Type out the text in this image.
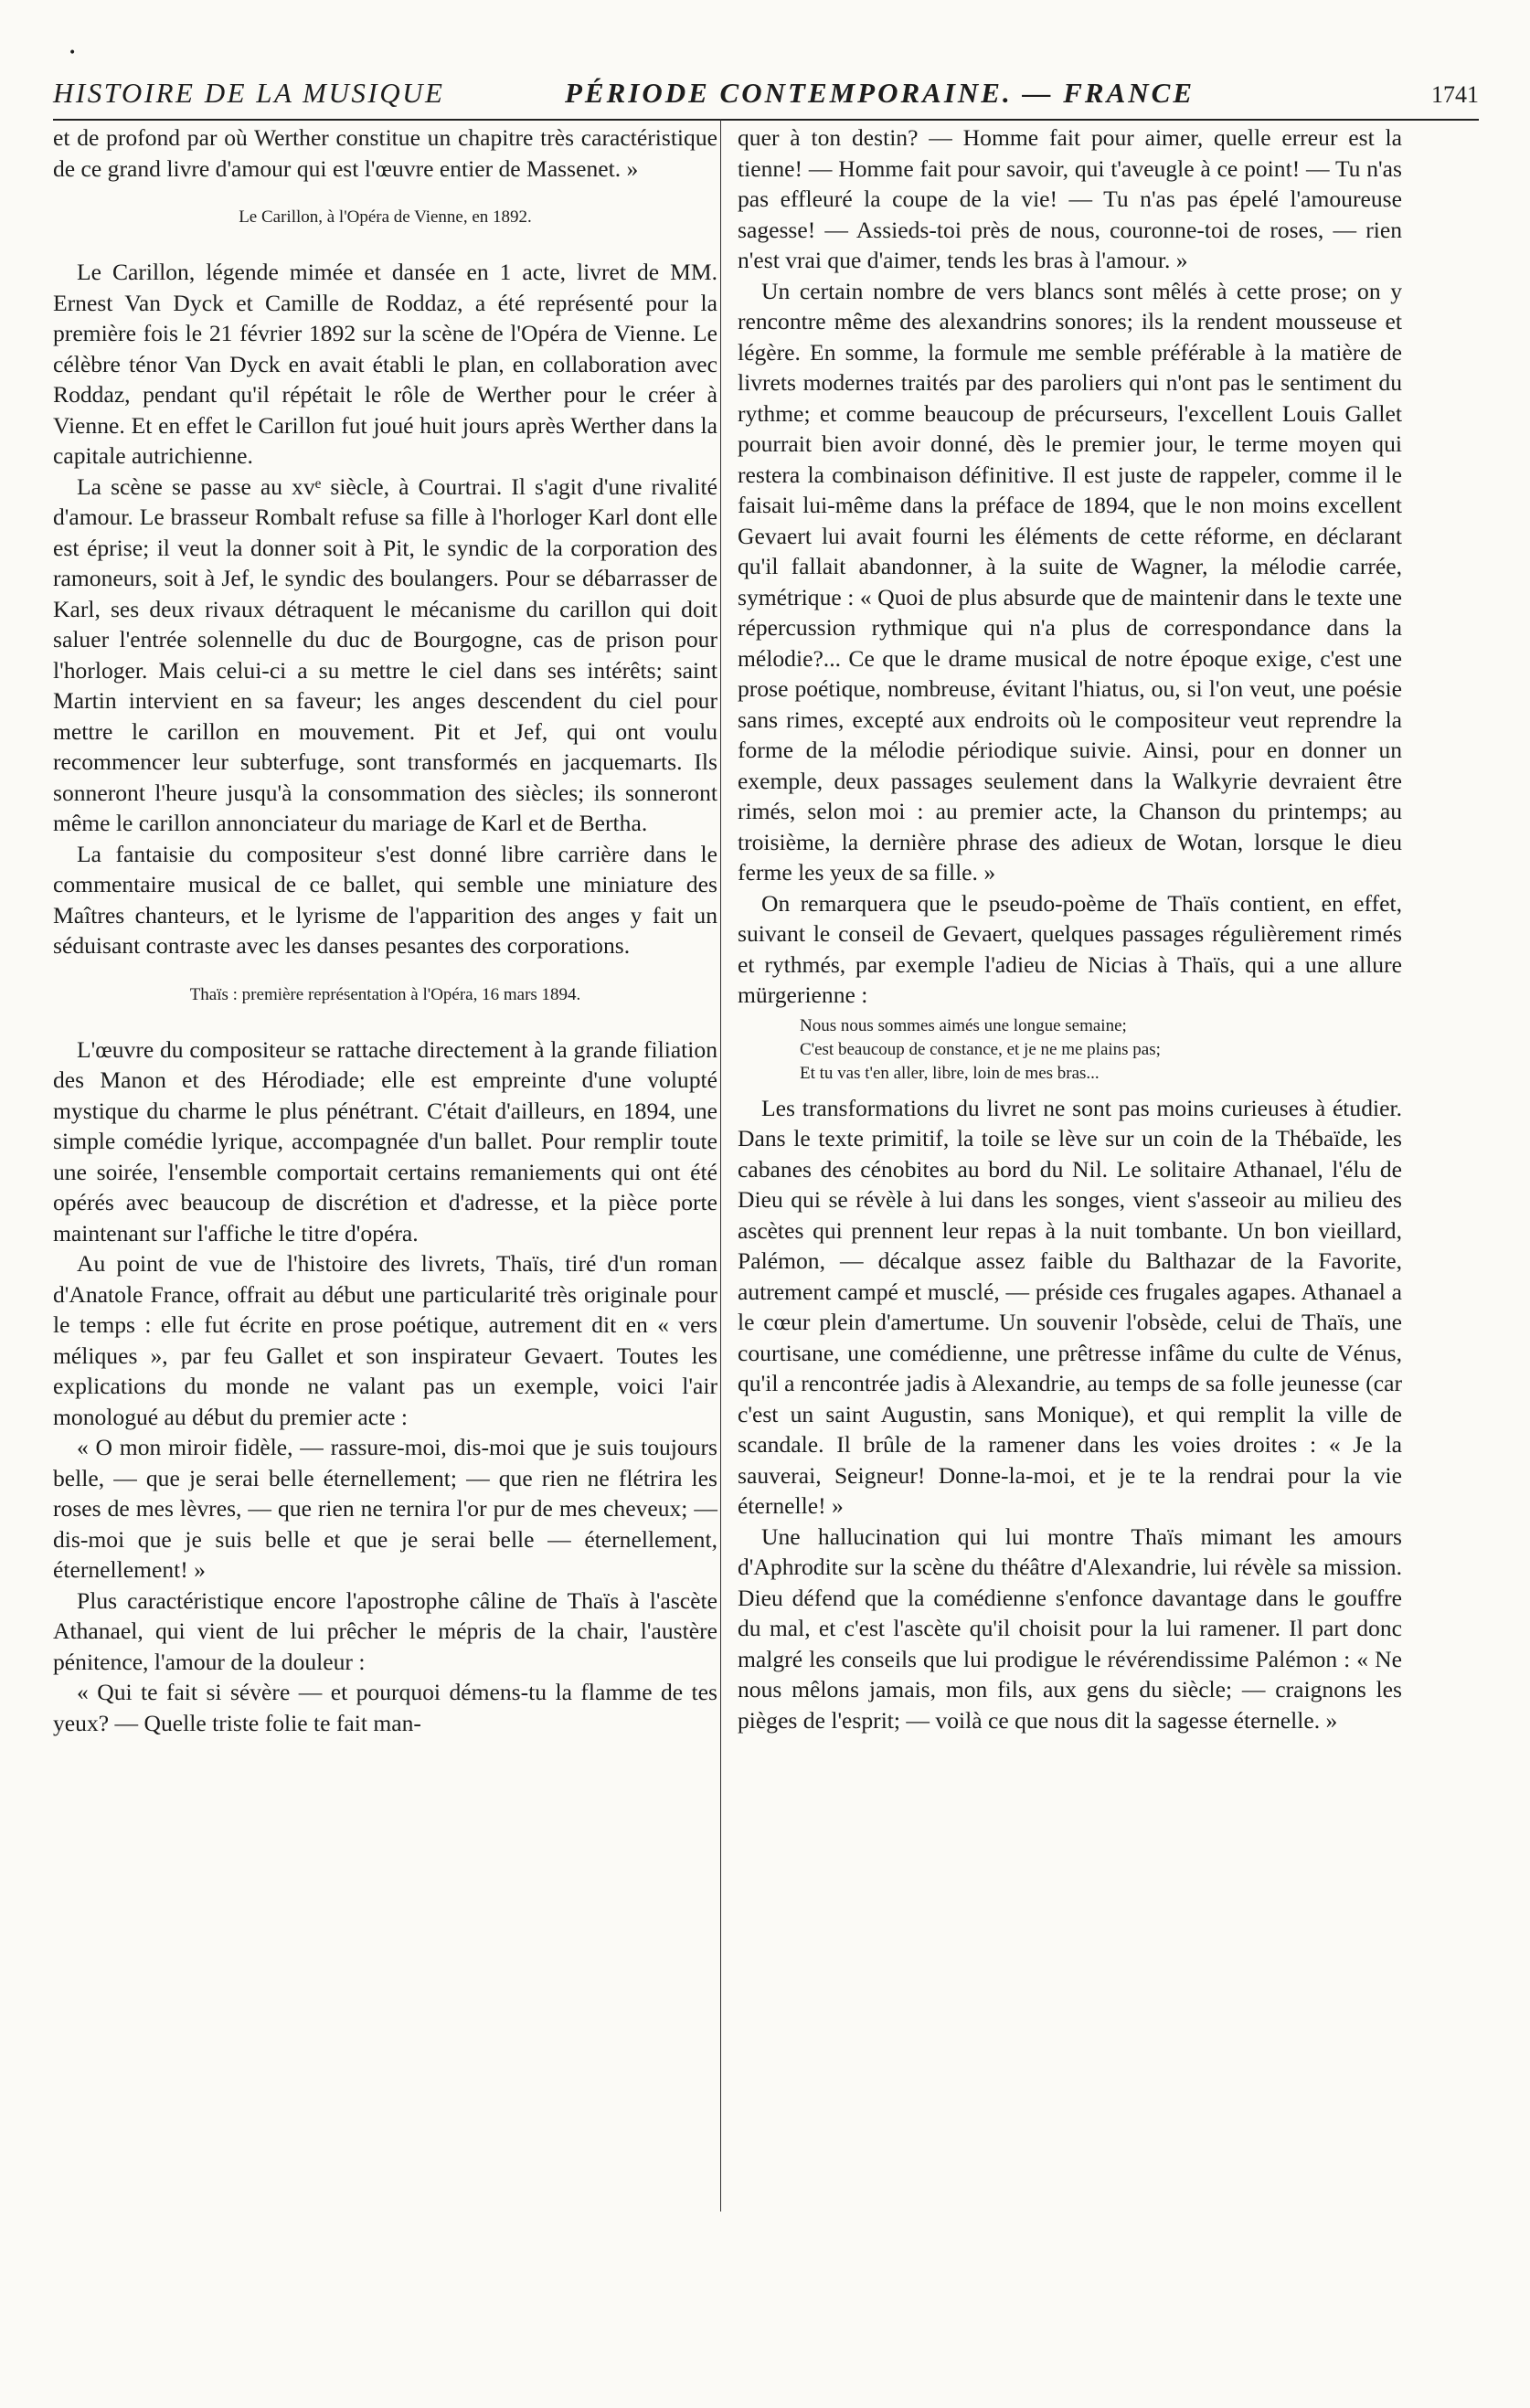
•
HISTOIRE DE LA MUSIQUE	PÉRIODE CONTEMPORAINE. — FRANCE	1741

et de profond par où Werther constitue un chapitre très caractéristique de ce grand livre d'amour qui est l'œuvre entier de Massenet. »

Le Carillon, à l'Opéra de Vienne, en 1892.

Le Carillon, légende mimée et dansée en 1 acte, livret de MM. Ernest Van Dyck et Camille de Roddaz, a été représenté pour la première fois le 21 février 1892 sur la scène de l'Opéra de Vienne. Le célèbre ténor Van Dyck en avait établi le plan, en collaboration avec Roddaz, pendant qu'il répétait le rôle de Werther pour le créer à Vienne. Et en effet le Carillon fut joué huit jours après Werther dans la capitale autrichienne.

La scène se passe au xvᵉ siècle, à Courtrai. Il s'agit d'une rivalité d'amour. Le brasseur Rombalt refuse sa fille à l'horloger Karl dont elle est éprise; il veut la donner soit à Pit, le syndic de la corporation des ramoneurs, soit à Jef, le syndic des boulangers. Pour se débarrasser de Karl, ses deux rivaux détraquent le mécanisme du carillon qui doit saluer l'entrée solennelle du duc de Bourgogne, cas de prison pour l'horloger. Mais celui-ci a su mettre le ciel dans ses intérêts; saint Martin intervient en sa faveur; les anges descendent du ciel pour mettre le carillon en mouvement. Pit et Jef, qui ont voulu recommencer leur subterfuge, sont transformés en jacquemarts. Ils sonneront l'heure jusqu'à la consommation des siècles; ils sonneront même le carillon annonciateur du mariage de Karl et de Bertha.

La fantaisie du compositeur s'est donné libre carrière dans le commentaire musical de ce ballet, qui semble une miniature des Maîtres chanteurs, et le lyrisme de l'apparition des anges y fait un séduisant contraste avec les danses pesantes des corporations.

Thaïs : première représentation à l'Opéra, 16 mars 1894.

L'œuvre du compositeur se rattache directement à la grande filiation des Manon et des Hérodiade; elle est empreinte d'une volupté mystique du charme le plus pénétrant. C'était d'ailleurs, en 1894, une simple comédie lyrique, accompagnée d'un ballet. Pour remplir toute une soirée, l'ensemble comportait certains remaniements qui ont été opérés avec beaucoup de discrétion et d'adresse, et la pièce porte maintenant sur l'affiche le titre d'opéra.

Au point de vue de l'histoire des livrets, Thaïs, tiré d'un roman d'Anatole France, offrait au début une particularité très originale pour le temps : elle fut écrite en prose poétique, autrement dit en « vers méliques », par feu Gallet et son inspirateur Gevaert. Toutes les explications du monde ne valant pas un exemple, voici l'air monologué au début du premier acte :

« O mon miroir fidèle, — rassure-moi, dis-moi que je suis toujours belle, — que je serai belle éternellement; — que rien ne flétrira les roses de mes lèvres, — que rien ne ternira l'or pur de mes cheveux; — dis-moi que je suis belle et que je serai belle — éternellement, éternellement! »

Plus caractéristique encore l'apostrophe câline de Thaïs à l'ascète Athanael, qui vient de lui prêcher le mépris de la chair, l'austère pénitence, l'amour de la douleur :

« Qui te fait si sévère — et pourquoi démens-tu la flamme de tes yeux? — Quelle triste folie te fait man-

quer à ton destin? — Homme fait pour aimer, quelle erreur est la tienne! — Homme fait pour savoir, qui t'aveugle à ce point! — Tu n'as pas effleuré la coupe de la vie! — Tu n'as pas épelé l'amoureuse sagesse! — Assieds-toi près de nous, couronne-toi de roses, — rien n'est vrai que d'aimer, tends les bras à l'amour. »

Un certain nombre de vers blancs sont mêlés à cette prose; on y rencontre même des alexandrins sonores; ils la rendent mousseuse et légère. En somme, la formule me semble préférable à la matière de livrets modernes traités par des paroliers qui n'ont pas le sentiment du rythme; et comme beaucoup de précurseurs, l'excellent Louis Gallet pourrait bien avoir donné, dès le premier jour, le terme moyen qui restera la combinaison définitive. Il est juste de rappeler, comme il le faisait lui-même dans la préface de 1894, que le non moins excellent Gevaert lui avait fourni les éléments de cette réforme, en déclarant qu'il fallait abandonner, à la suite de Wagner, la mélodie carrée, symétrique : « Quoi de plus absurde que de maintenir dans le texte une répercussion rythmique qui n'a plus de correspondance dans la mélodie?... Ce que le drame musical de notre époque exige, c'est une prose poétique, nombreuse, évitant l'hiatus, ou, si l'on veut, une poésie sans rimes, excepté aux endroits où le compositeur veut reprendre la forme de la mélodie périodique suivie. Ainsi, pour en donner un exemple, deux passages seulement dans la Walkyrie devraient être rimés, selon moi : au premier acte, la Chanson du printemps; au troisième, la dernière phrase des adieux de Wotan, lorsque le dieu ferme les yeux de sa fille. »

On remarquera que le pseudo-poème de Thaïs contient, en effet, suivant le conseil de Gevaert, quelques passages régulièrement rimés et rythmés, par exemple l'adieu de Nicias à Thaïs, qui a une allure mürgerienne :

Nous nous sommes aimés une longue semaine;

C'est beaucoup de constance, et je ne me plains pas;

Et tu vas t'en aller, libre, loin de mes bras...

Les transformations du livret ne sont pas moins curieuses à étudier. Dans le texte primitif, la toile se lève sur un coin de la Thébaïde, les cabanes des cénobites au bord du Nil. Le solitaire Athanael, l'élu de Dieu qui se révèle à lui dans les songes, vient s'asseoir au milieu des ascètes qui prennent leur repas à la nuit tombante. Un bon vieillard, Palémon, — décalque assez faible du Balthazar de la Favorite, autrement campé et musclé, — préside ces frugales agapes. Athanael a le cœur plein d'amertume. Un souvenir l'obsède, celui de Thaïs, une courtisane, une comédienne, une prêtresse infâme du culte de Vénus, qu'il a rencontrée jadis à Alexandrie, au temps de sa folle jeunesse (car c'est un saint Augustin, sans Monique), et qui remplit la ville de scandale. Il brûle de la ramener dans les voies droites : « Je la sauverai, Seigneur! Donne-la-moi, et je te la rendrai pour la vie éternelle! »

Une hallucination qui lui montre Thaïs mimant les amours d'Aphrodite sur la scène du théâtre d'Alexandrie, lui révèle sa mission. Dieu défend que la comédienne s'enfonce davantage dans le gouffre du mal, et c'est l'ascète qu'il choisit pour la lui ramener. Il part donc malgré les conseils que lui prodigue le révérendissime Palémon : « Ne nous mêlons jamais, mon fils, aux gens du siècle; — craignons les pièges de l'esprit; — voilà ce que nous dit la sagesse éternelle. »
